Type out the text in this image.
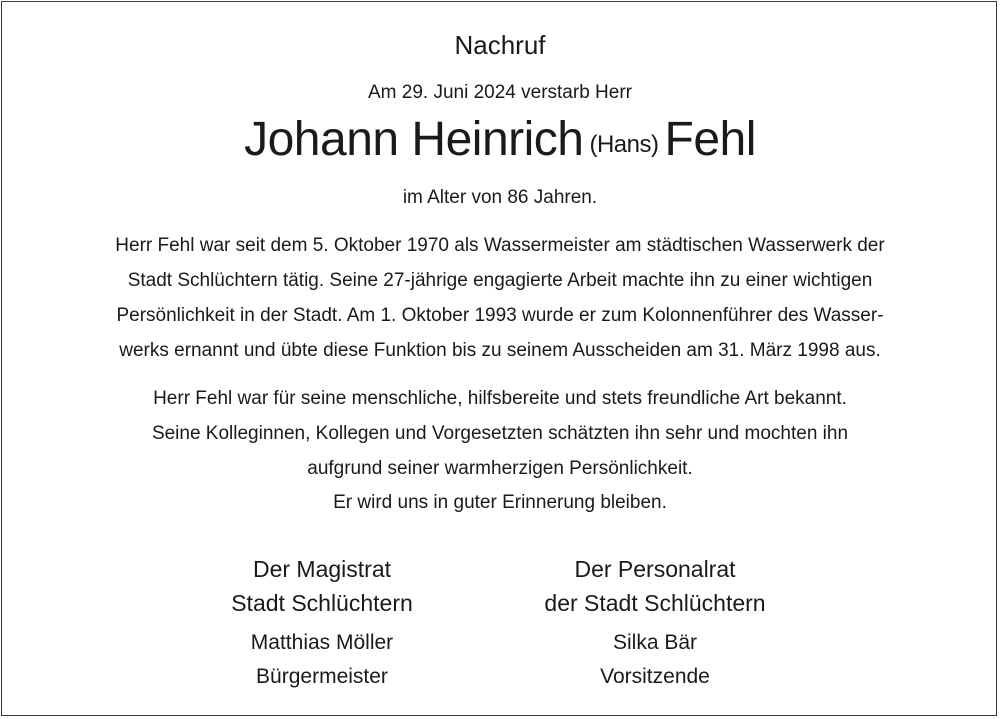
Nachruf
Am 29. Juni 2024 verstarb Herr
Johann Heinrich (Hans) Fehl
im Alter von 86 Jahren.
Herr Fehl war seit dem 5. Oktober 1970 als Wassermeister am städtischen Wasserwerk der
Stadt Schlüchtern tätig. Seine 27-jährige engagierte Arbeit machte ihn zu einer wichtigen
Persönlichkeit in der Stadt. Am 1. Oktober 1993 wurde er zum Kolonnenführer des Wasser-
werks ernannt und übte diese Funktion bis zu seinem Ausscheiden am 31. März 1998 aus.
Herr Fehl war für seine menschliche, hilfsbereite und stets freundliche Art bekannt.
Seine Kolleginnen, Kollegen und Vorgesetzten schätzten ihn sehr und mochten ihn
aufgrund seiner warmherzigen Persönlichkeit.
Er wird uns in guter Erinnerung bleiben.
Der Magistrat
Stadt Schlüchtern
Matthias Möller
Bürgermeister
Der Personalrat
der Stadt Schlüchtern
Silka Bär
Vorsitzende
